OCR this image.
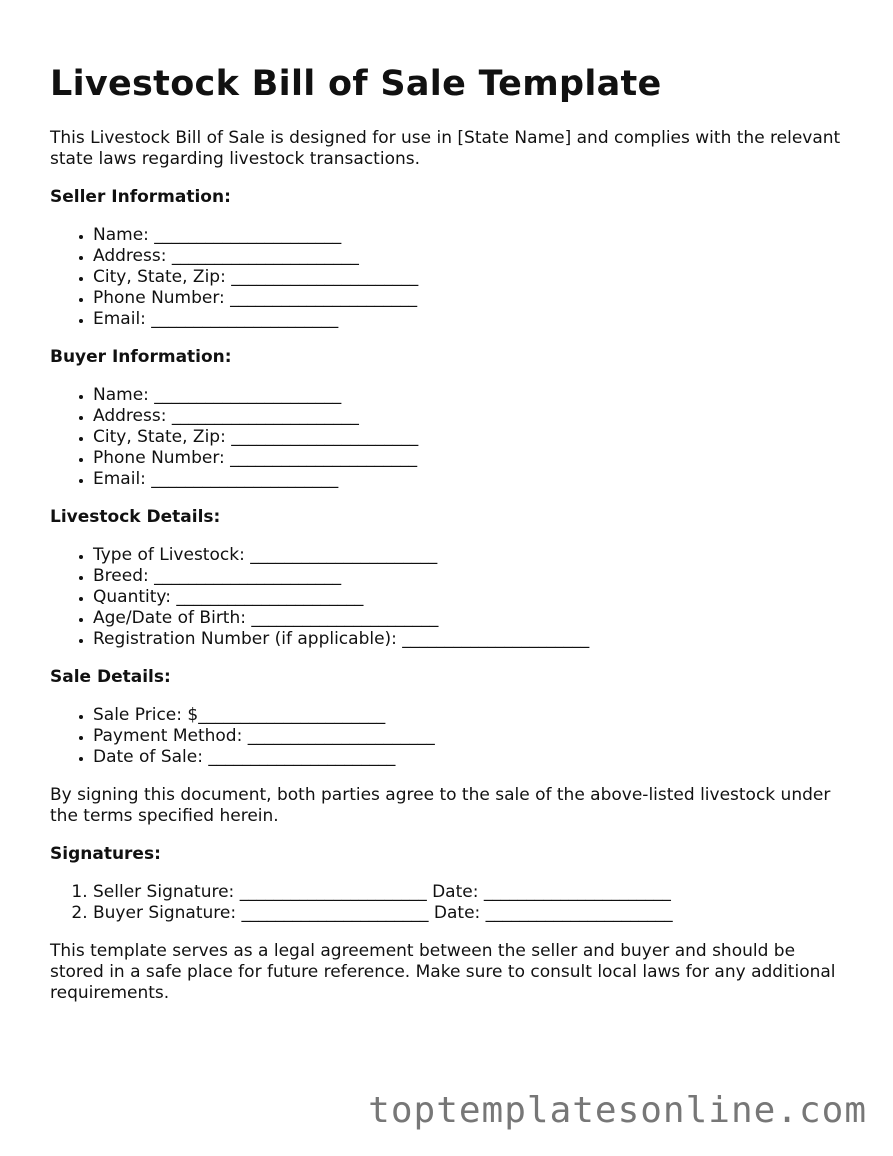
Livestock Bill of Sale Template

This Livestock Bill of Sale is designed for use in [State Name] and complies with the relevant state laws regarding livestock transactions.

Seller Information:
• Name: ______________________
• Address: ______________________
• City, State, Zip: ______________________
• Phone Number: ______________________
• Email: ______________________
Buyer Information:
• Name: ______________________
• Address: ______________________
• City, State, Zip: ______________________
• Phone Number: ______________________
• Email: ______________________
Livestock Details:
• Type of Livestock: ______________________
• Breed: ______________________
• Quantity: ______________________
• Age/Date of Birth: ______________________
• Registration Number (if applicable): ______________________
Sale Details:
• Sale Price: $______________________
• Payment Method: ______________________
• Date of Sale: ______________________

By signing this document, both parties agree to the sale of the above-listed livestock under the terms specified herein.

Signatures:
1. Seller Signature: ______________________ Date: ______________________
2. Buyer Signature: ______________________ Date: ______________________

This template serves as a legal agreement between the seller and buyer and should be stored in a safe place for future reference. Make sure to consult local laws for any additional requirements.

toptemplatesonline.com
